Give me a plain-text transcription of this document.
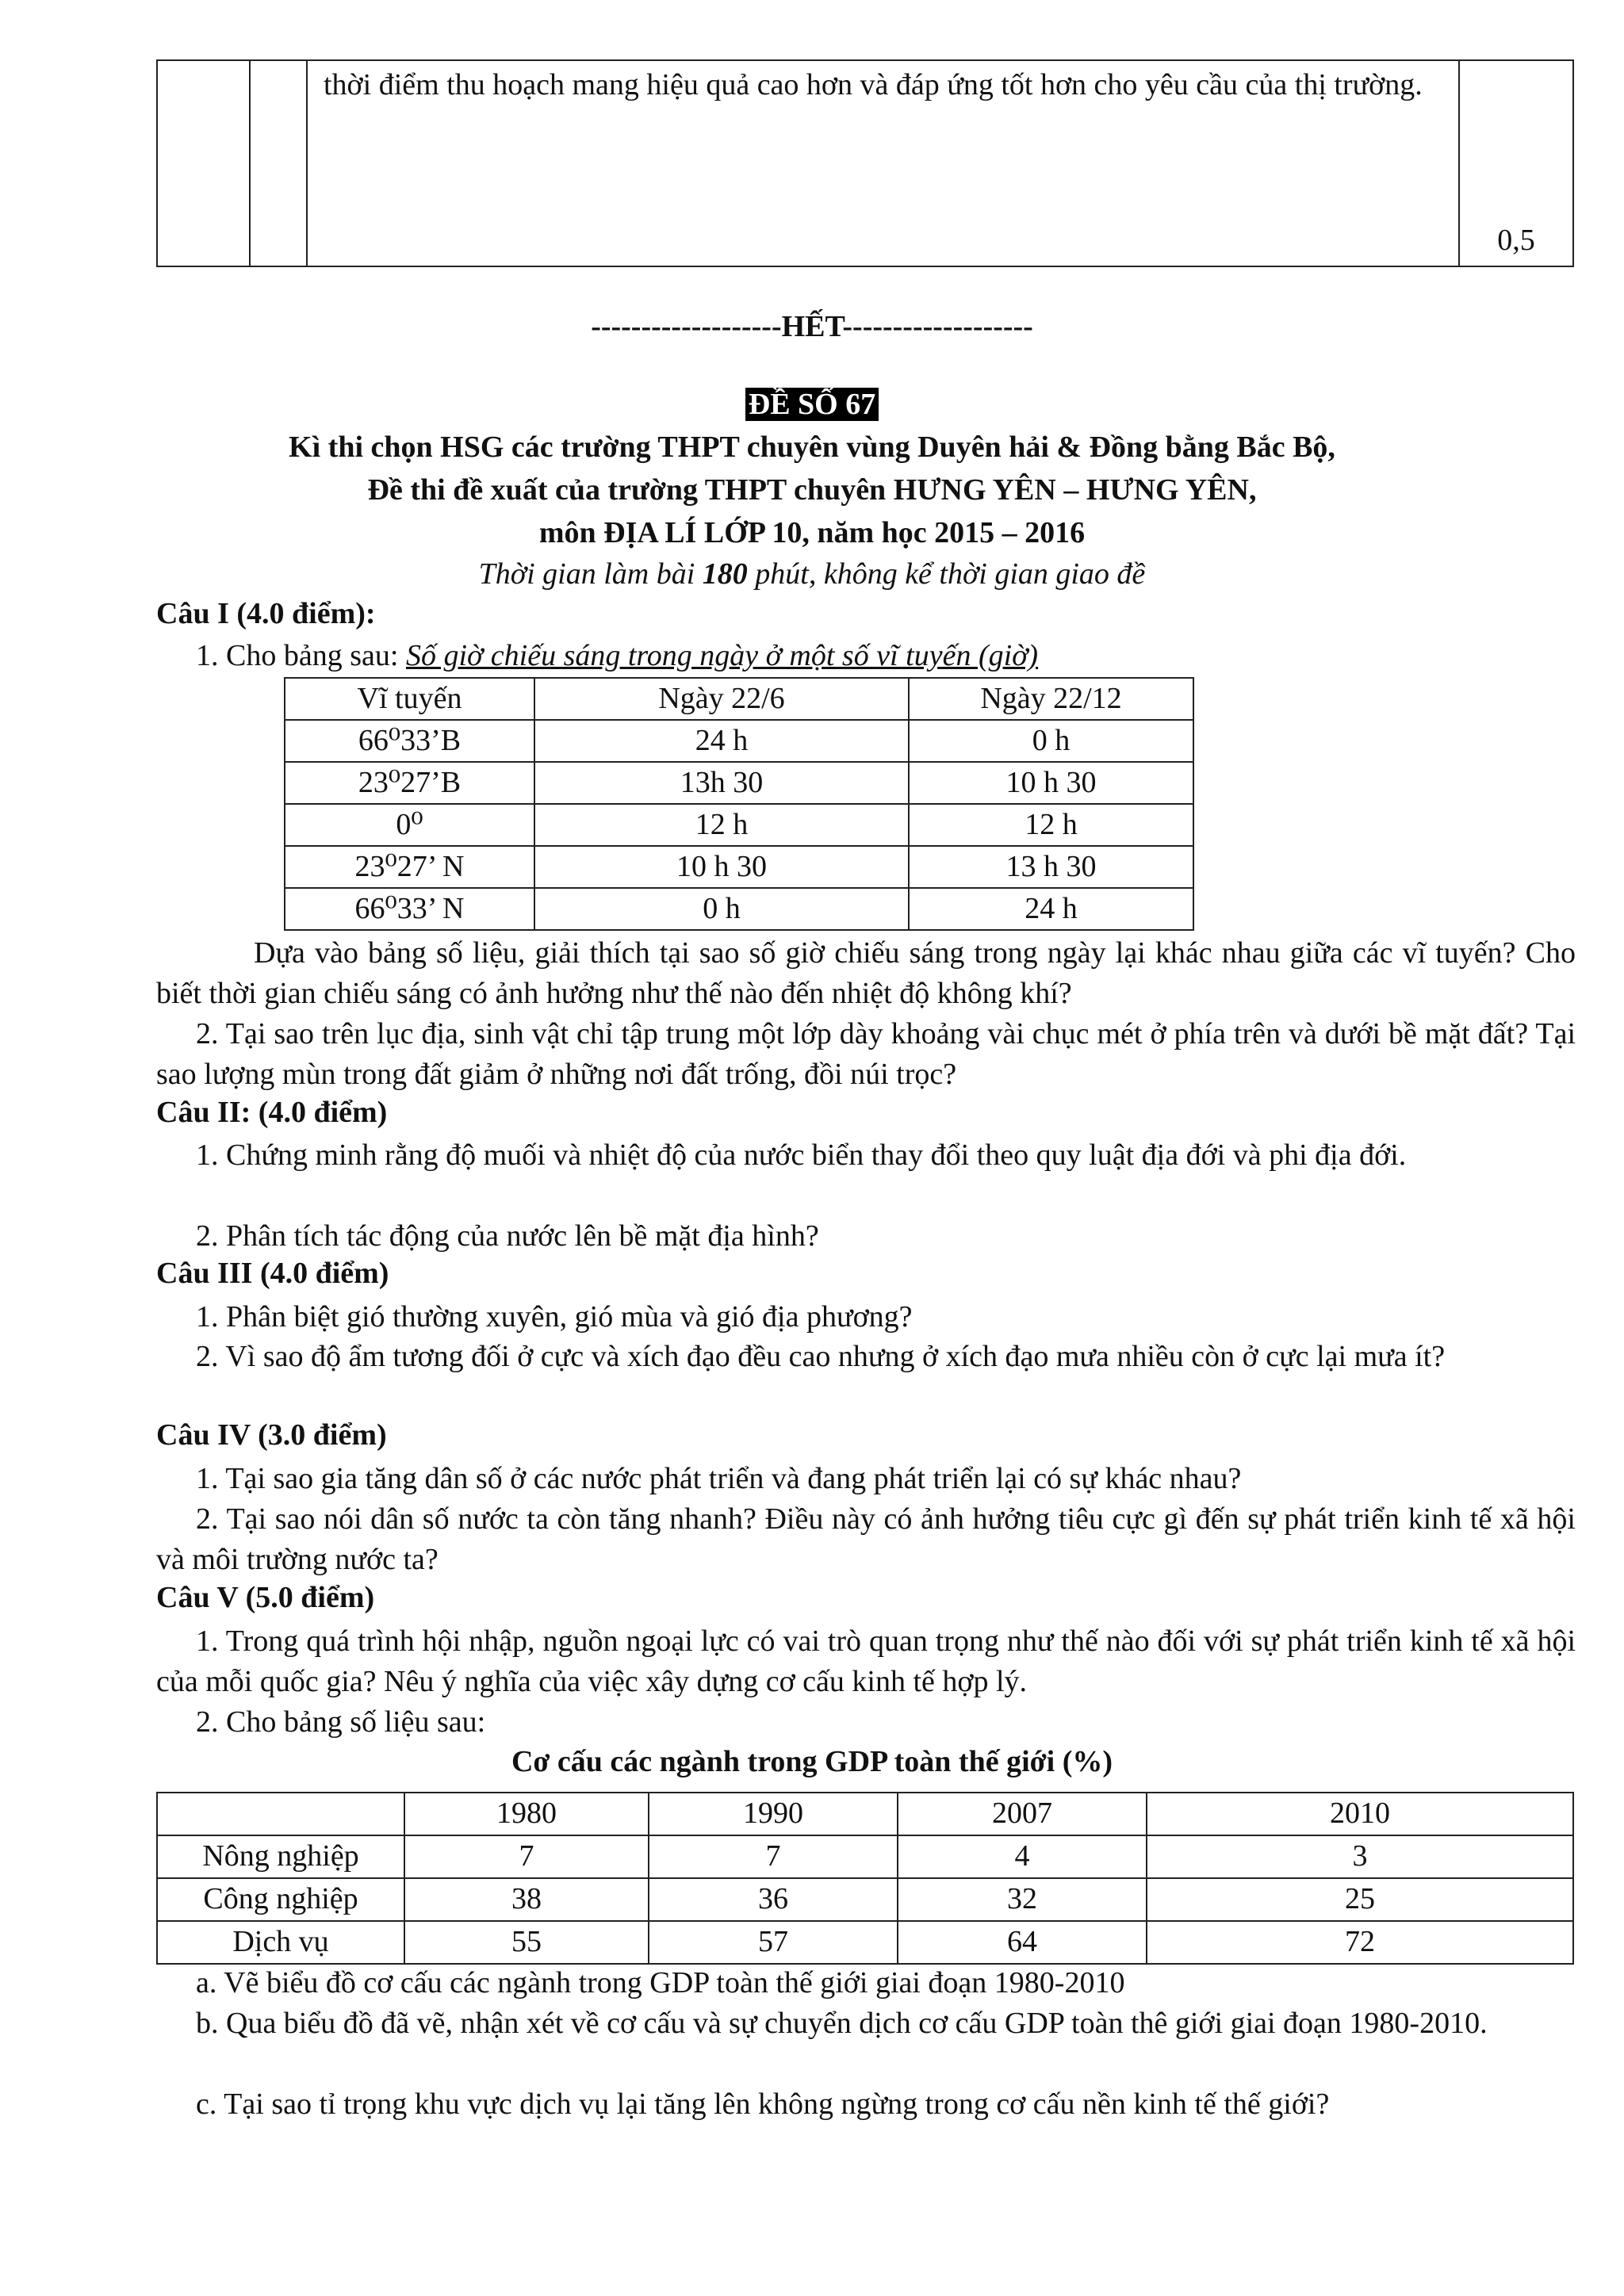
		thời điểm thu hoạch mang hiệu quả cao hơn và đáp ứng tốt hơn cho yêu cầu của thị trường.	0,5
-------------------HẾT-------------------
ĐỀ SỐ 67
Kì thi chọn HSG các trường THPT chuyên vùng Duyên hải & Đồng bằng Bắc Bộ,
Đề thi đề xuất của trường THPT chuyên HƯNG YÊN – HƯNG YÊN,
môn ĐỊA LÍ LỚP 10, năm học 2015 – 2016
Thời gian làm bài 180 phút, không kể thời gian giao đề
Câu I (4.0 điểm):
1. Cho bảng sau: Số giờ chiếu sáng trong ngày ở một số vĩ tuyến (giờ)
Vĩ tuyến	Ngày 22/6	Ngày 22/12
66⁰33’B	24 h	0 h
23⁰27’B	13h 30	10 h 30
0⁰	12 h	12 h
23⁰27’ N	10 h 30	13 h 30
66⁰33’ N	0 h	24 h
Dựa vào bảng số liệu, giải thích tại sao số giờ chiếu sáng trong ngày lại khác nhau giữa các vĩ tuyến? Cho biết thời gian chiếu sáng có ảnh hưởng như thế nào đến nhiệt độ không khí?
2. Tại sao trên lục địa, sinh vật chỉ tập trung một lớp dày khoảng vài chục mét ở phía trên và dưới bề mặt đất? Tại sao lượng mùn trong đất giảm ở những nơi đất trống, đồi núi trọc?
Câu II: (4.0 điểm)
1. Chứng minh rằng độ muối và nhiệt độ của nước biển thay đổi theo quy luật địa đới và phi địa đới.
2. Phân tích tác động của nước lên bề mặt địa hình?
Câu III (4.0 điểm)
1. Phân biệt gió thường xuyên, gió mùa và gió địa phương?
2. Vì sao độ ẩm tương đối ở cực và xích đạo đều cao nhưng ở xích đạo mưa nhiều còn ở cực lại mưa ít?
Câu IV (3.0 điểm)
1. Tại sao gia tăng dân số ở các nước phát triển và đang phát triển lại có sự khác nhau?
2. Tại sao nói dân số nước ta còn tăng nhanh? Điều này có ảnh hưởng tiêu cực gì đến sự phát triển kinh tế xã hội và môi trường nước ta?
Câu V (5.0 điểm)
1. Trong quá trình hội nhập, nguồn ngoại lực có vai trò quan trọng như thế nào đối với sự phát triển kinh tế xã hội của mỗi quốc gia? Nêu ý nghĩa của việc xây dựng cơ cấu kinh tế hợp lý.
2. Cho bảng số liệu sau:
Cơ cấu các ngành trong GDP toàn thế giới (%)
	1980	1990	2007	2010
Nông nghiệp	7	7	4	3
Công nghiệp	38	36	32	25
Dịch vụ	55	57	64	72
a. Vẽ biểu đồ cơ cấu các ngành trong GDP toàn thế giới giai đoạn 1980-2010
b. Qua biểu đồ đã vẽ, nhận xét về cơ cấu và sự chuyển dịch cơ cấu GDP toàn thê giới giai đoạn 1980-2010.
c. Tại sao tỉ trọng khu vực dịch vụ lại tăng lên không ngừng trong cơ cấu nền kinh tế thế giới?
